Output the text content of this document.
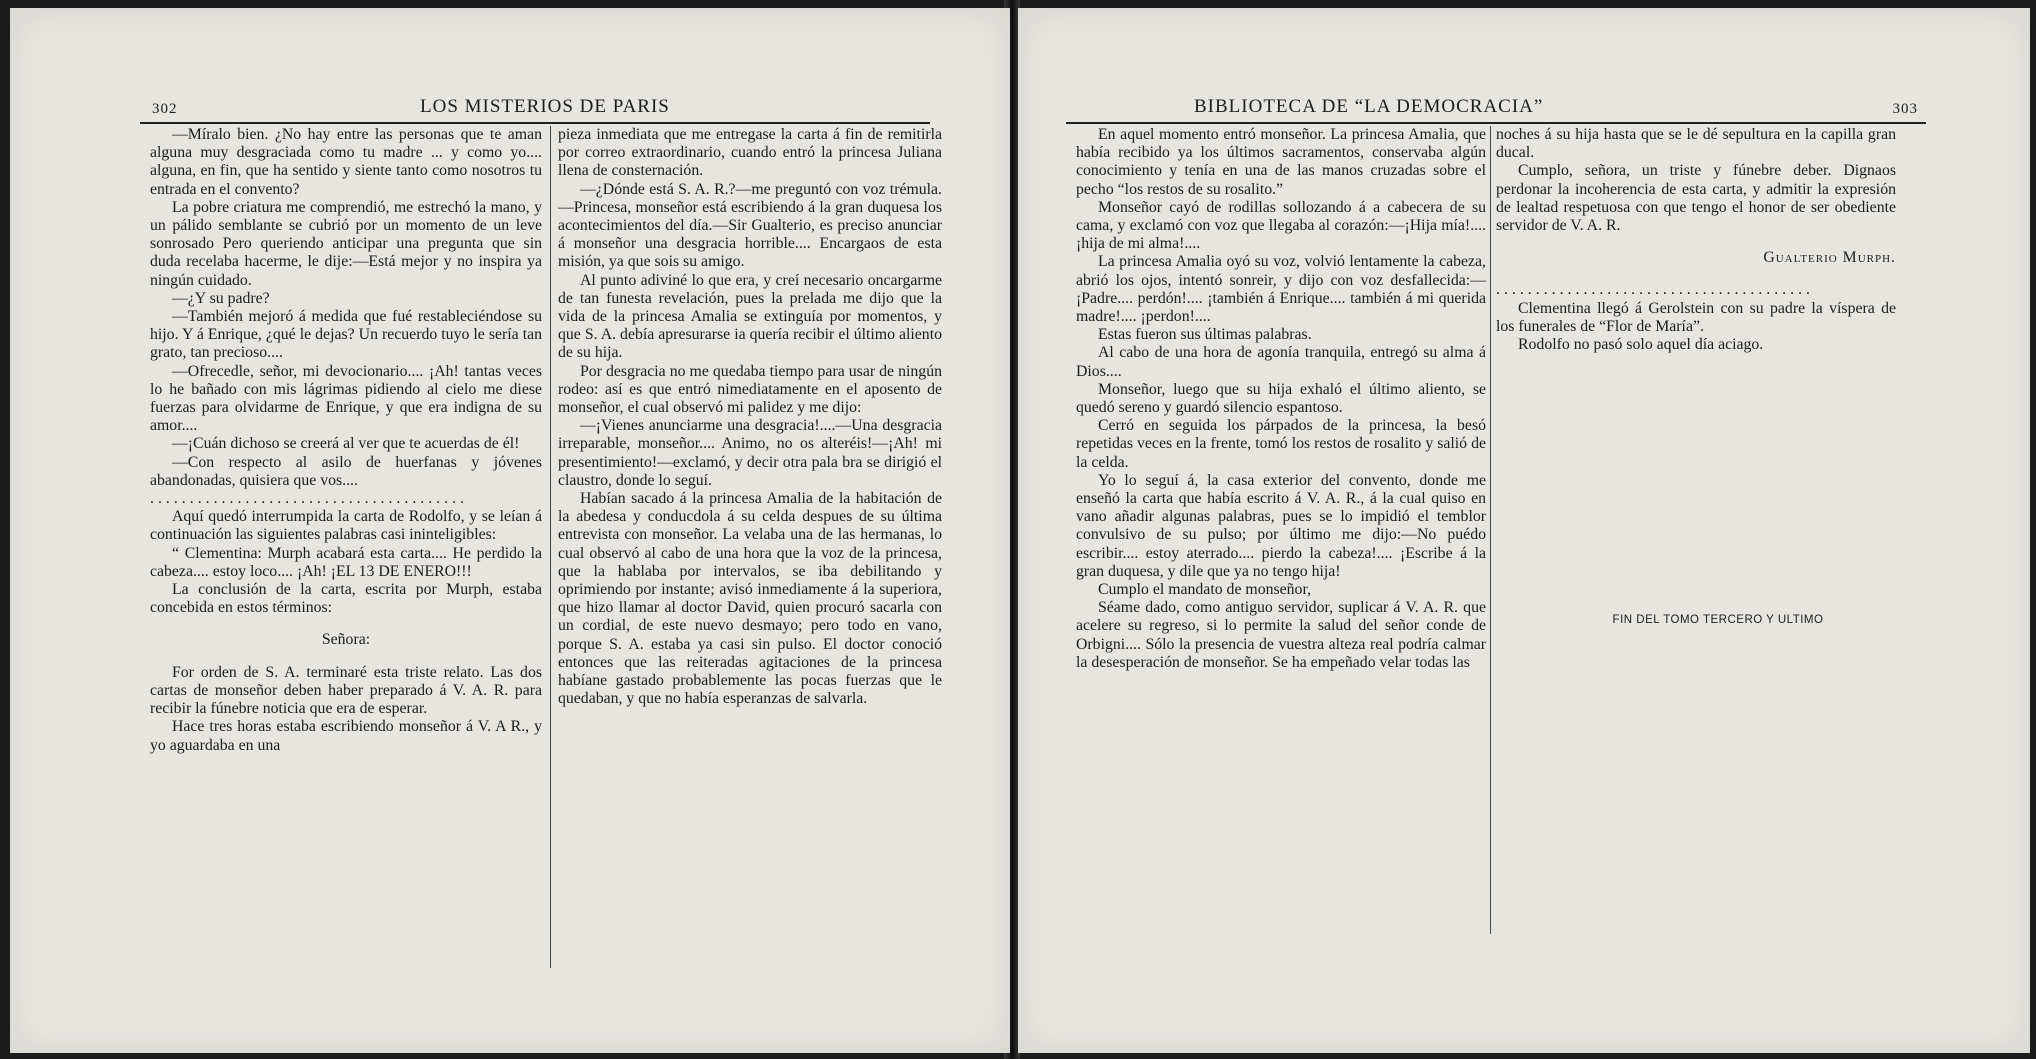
302	LOS MISTERIOS DE PARIS

—Míralo bien. ¿No hay entre las personas que te aman alguna muy desgraciada como tu madre ... y como yo.... alguna, en fin, que ha sentido y siente tanto como nosotros tu entrada en el convento?

La pobre criatura me comprendió, me estrechó la mano, y un pálido semblante se cubrió por un momento de un leve sonrosado Pero queriendo anticipar una pregunta que sin duda recelaba hacerme, le dije:—Está mejor y no inspira ya ningún cuidado.

—¿Y su padre?

—También mejoró á medida que fué restableciéndose su hijo. Y á Enrique, ¿qué le dejas? Un recuerdo tuyo le sería tan grato, tan precioso....

—Ofrecedle, señor, mi devocionario.... ¡Ah! tantas veces lo he bañado con mis lágrimas pidiendo al cielo me diese fuerzas para olvidarme de Enrique, y que era indigna de su amor....

—¡Cuán dichoso se creerá al ver que te acuerdas de él!

—Con respecto al asilo de huerfanas y jóvenes abandonadas, quisiera que vos....

........................................

Aquí quedó interrumpida la carta de Rodolfo, y se leían á continuación las siguientes palabras casi ininteligibles:

“ Clementina: Murph acabará esta carta.... He perdido la cabeza.... estoy loco.... ¡Ah! ¡EL 13 DE ENERO!!!

La conclusión de la carta, escrita por Murph, estaba concebida en estos términos:

Señora:

For orden de S. A. terminaré esta triste relato. Las dos cartas de monseñor deben haber preparado á V. A. R. para recibir la fúnebre noticia que era de esperar.

Hace tres horas estaba escribiendo monseñor á V. A R., y yo aguardaba en una

pieza inmediata que me entregase la carta á fin de remitirla por correo extraordinario, cuando entró la princesa Juliana llena de consternación.

—¿Dónde está S. A. R.?—me preguntó con voz trémula.—Princesa, monseñor está escribiendo á la gran duquesa los acontecimientos del día.—Sir Gualterio, es preciso anunciar á monseñor una desgracia horrible.... Encargaos de esta misión, ya que sois su amigo.

Al punto adiviné lo que era, y creí necesario oncargarme de tan funesta revelación, pues la prelada me dijo que la vida de la princesa Amalia se extinguía por momentos, y que S. A. debía apresurarse ia quería recibir el último aliento de su hija.

Por desgracia no me quedaba tiempo para usar de ningún rodeo: así es que entró nimediatamente en el aposento de monseñor, el cual observó mi palidez y me dijo:

—¡Vienes anunciarme una desgracia!....—Una desgracia irreparable, monseñor.... Animo, no os alteréis!—¡Ah! mi presentimiento!—exclamó, y decir otra pala bra se dirigió el claustro, donde lo seguí.

Habían sacado á la princesa Amalia de la habitación de la abedesa y conducdola á su celda despues de su última entrevista con monseñor. La velaba una de las hermanas, lo cual observó al cabo de una hora que la voz de la princesa, que la hablaba por intervalos, se iba debilitando y oprimiendo por instante; avisó inmediamente á la superiora, que hizo llamar al doctor David, quien procuró sacarla con un cordial, de este nuevo desmayo; pero todo en vano, porque S. A. estaba ya casi sin pulso. El doctor conoció entonces que las reiteradas agitaciones de la princesa habíane gastado probablemente las pocas fuerzas que le quedaban, y que no había esperanzas de salvarla.

BIBLIOTECA DE “LA DEMOCRACIA”	303

En aquel momento entró monseñor. La princesa Amalia, que había recibido ya los últimos sacramentos, conservaba algún conocimiento y tenía en una de las manos cruzadas sobre el pecho “los restos de su rosalito.”

Monseñor cayó de rodillas sollozando á a cabecera de su cama, y exclamó con voz que llegaba al corazón:—¡Hija mía!....¡hija de mi alma!....

La princesa Amalia oyó su voz, volvió lentamente la cabeza, abrió los ojos, intentó sonreir, y dijo con voz desfallecida:—¡Padre.... perdón!.... ¡también á Enrique.... también á mi querida madre!.... ¡perdon!....

Estas fueron sus últimas palabras.

Al cabo de una hora de agonía tranquila, entregó su alma á Dios....

Monseñor, luego que su hija exhaló el último aliento, se quedó sereno y guardó silencio espantoso.

Cerró en seguida los párpados de la princesa, la besó repetidas veces en la frente, tomó los restos de rosalito y salió de la celda.

Yo lo seguí á, la casa exterior del convento, donde me enseñó la carta que había escrito á V. A. R., á la cual quiso en vano añadir algunas palabras, pues se lo impidió el temblor convulsivo de su pulso; por último me dijo:—No puédo escribir.... estoy aterrado.... pierdo la cabeza!.... ¡Escribe á la gran duquesa, y dile que ya no tengo hija!

Cumplo el mandato de monseñor,

Séame dado, como antiguo servidor, suplicar á V. A. R. que acelere su regreso, si lo permite la salud del señor conde de Orbigni.... Sólo la presencia de vuestra alteza real podría calmar la desesperación de monseñor. Se ha empeñado velar todas las

noches á su hija hasta que se le dé sepultura en la capilla gran ducal.

Cumplo, señora, un triste y fúnebre deber. Dignaos perdonar la incoherencia de esta carta, y admitir la expresión de lealtad respetuosa con que tengo el honor de ser obediente servidor de V. A. R.

Gualterio Murph.

........................................

Clementina llegó á Gerolstein con su padre la víspera de los funerales de “Flor de María”.

Rodolfo no pasó solo aquel día aciago.

FIN DEL TOMO TERCERO Y ULTIMO
